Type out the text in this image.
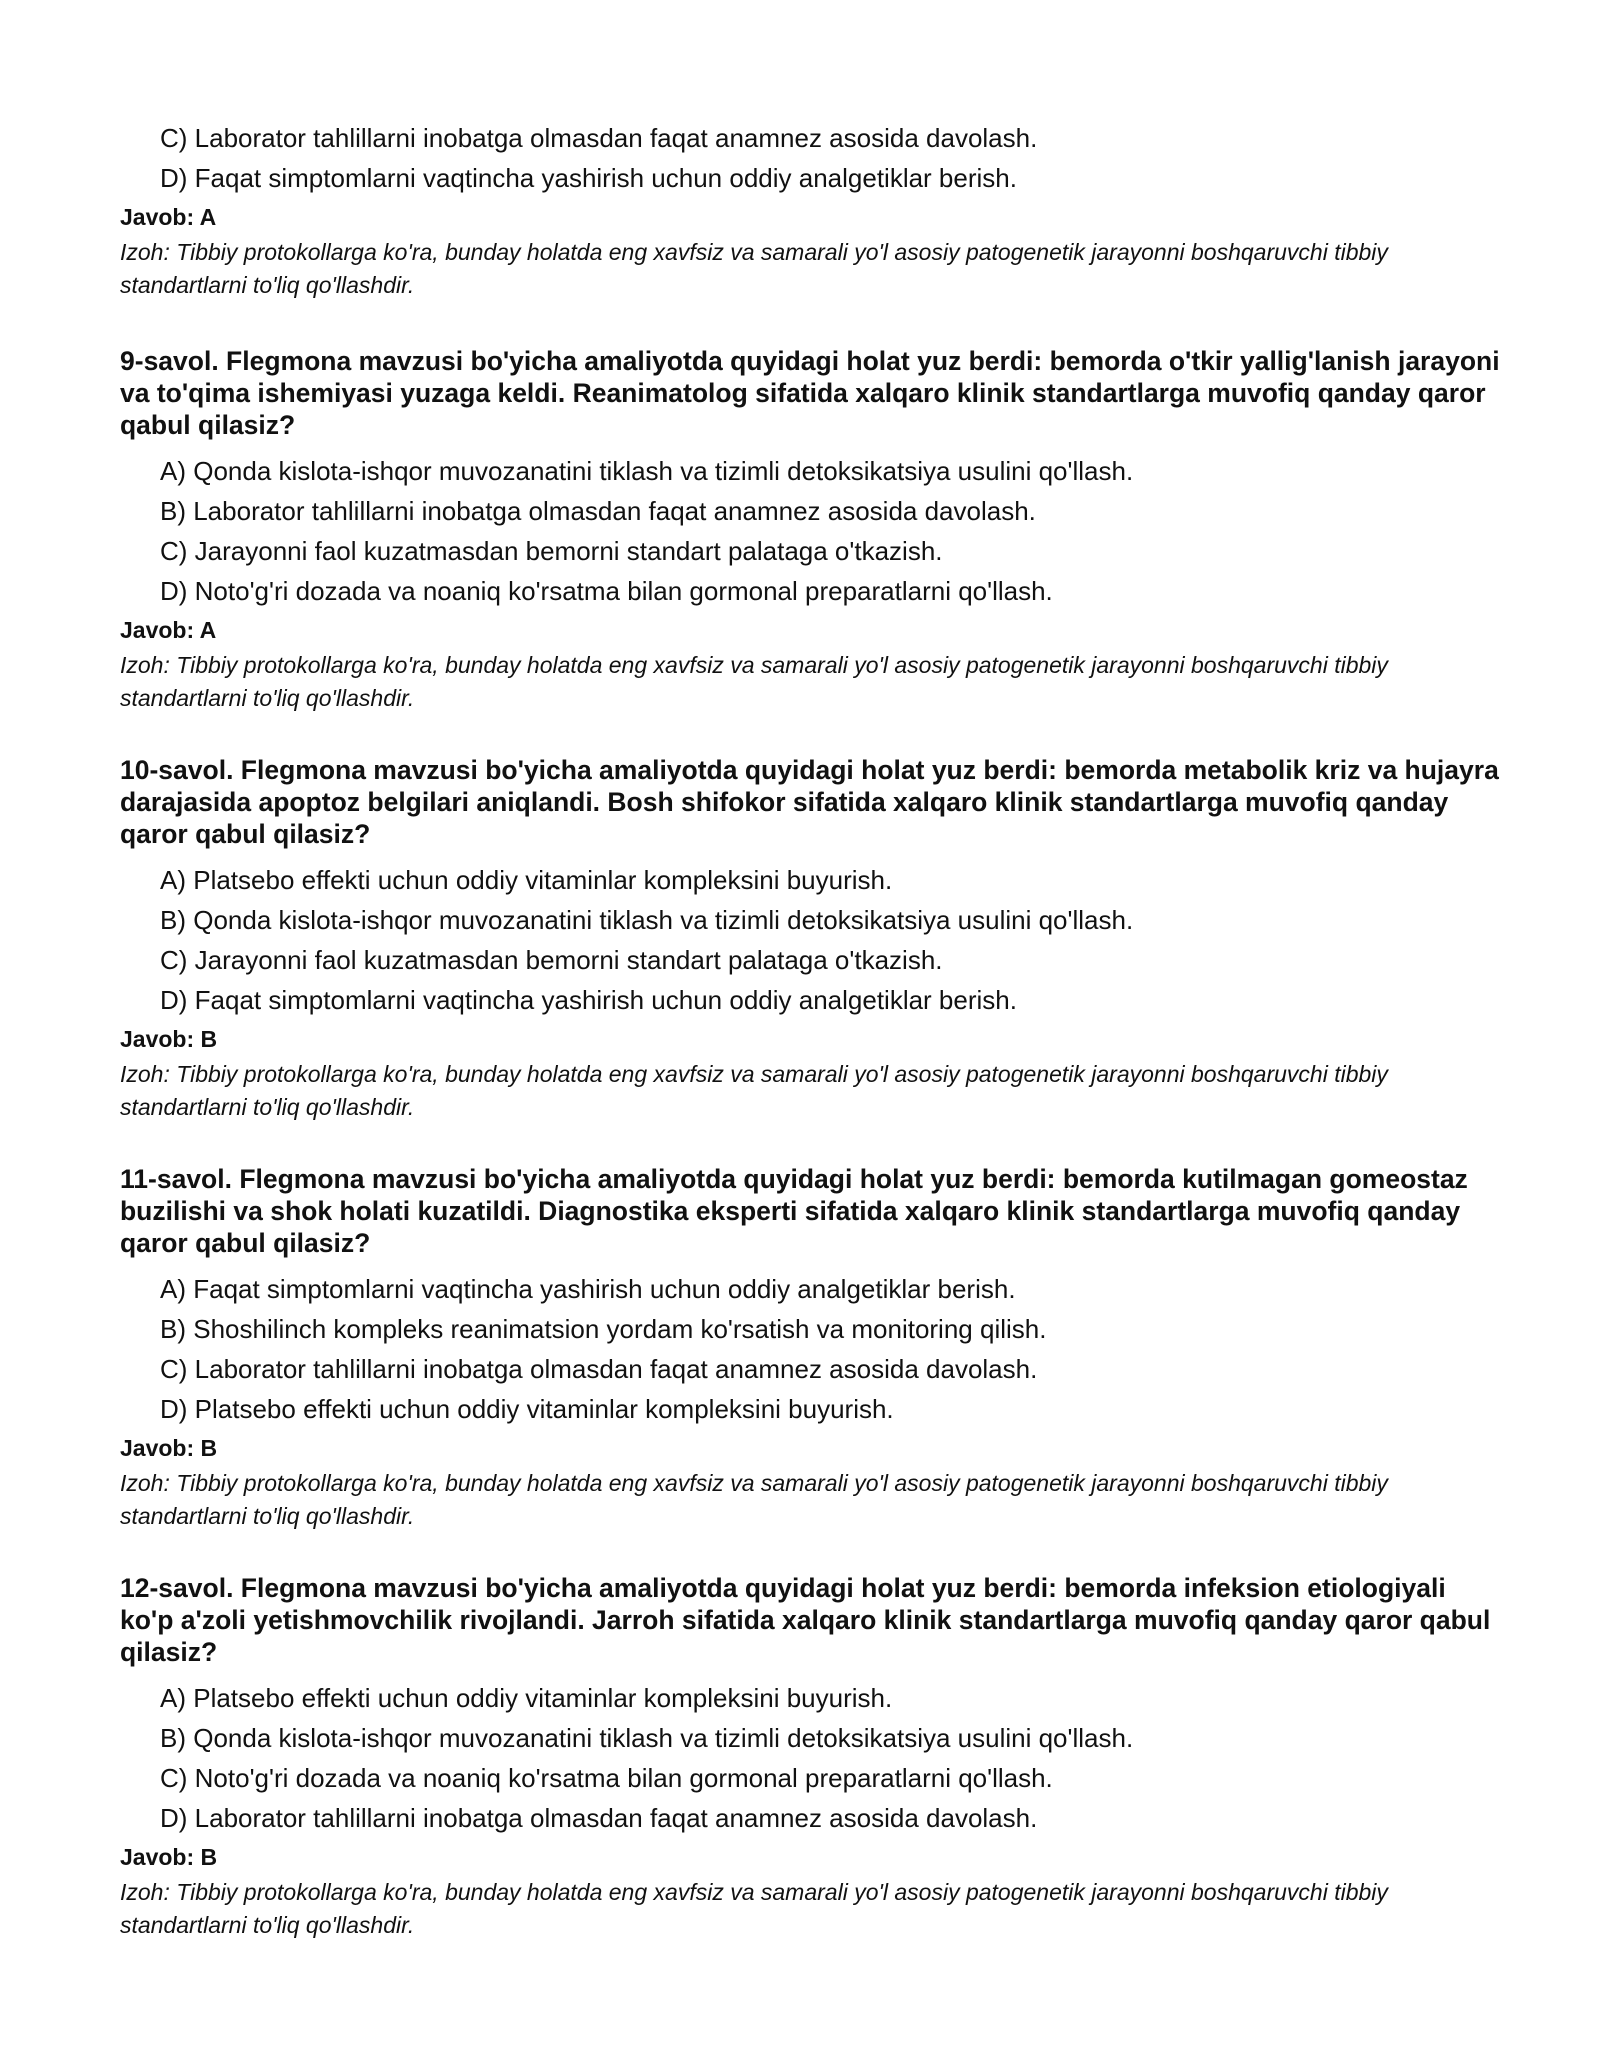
C) Laborator tahlillarni inobatga olmasdan faqat anamnez asosida davolash.
D) Faqat simptomlarni vaqtincha yashirish uchun oddiy analgetiklar berish.
Javob: A
Izoh: Tibbiy protokollarga ko'ra, bunday holatda eng xavfsiz va samarali yo'l asosiy patogenetik jarayonni boshqaruvchi tibbiy standartlarni to'liq qo'llashdir.
9-savol. Flegmona mavzusi bo'yicha amaliyotda quyidagi holat yuz berdi: bemorda o'tkir yallig'lanish jarayoni va to'qima ishemiyasi yuzaga keldi. Reanimatolog sifatida xalqaro klinik standartlarga muvofiq qanday qaror qabul qilasiz?
A) Qonda kislota-ishqor muvozanatini tiklash va tizimli detoksikatsiya usulini qo'llash.
B) Laborator tahlillarni inobatga olmasdan faqat anamnez asosida davolash.
C) Jarayonni faol kuzatmasdan bemorni standart palataga o'tkazish.
D) Noto'g'ri dozada va noaniq ko'rsatma bilan gormonal preparatlarni qo'llash.
Javob: A
Izoh: Tibbiy protokollarga ko'ra, bunday holatda eng xavfsiz va samarali yo'l asosiy patogenetik jarayonni boshqaruvchi tibbiy standartlarni to'liq qo'llashdir.
10-savol. Flegmona mavzusi bo'yicha amaliyotda quyidagi holat yuz berdi: bemorda metabolik kriz va hujayra darajasida apoptoz belgilari aniqlandi. Bosh shifokor sifatida xalqaro klinik standartlarga muvofiq qanday qaror qabul qilasiz?
A) Platsebo effekti uchun oddiy vitaminlar kompleksini buyurish.
B) Qonda kislota-ishqor muvozanatini tiklash va tizimli detoksikatsiya usulini qo'llash.
C) Jarayonni faol kuzatmasdan bemorni standart palataga o'tkazish.
D) Faqat simptomlarni vaqtincha yashirish uchun oddiy analgetiklar berish.
Javob: B
Izoh: Tibbiy protokollarga ko'ra, bunday holatda eng xavfsiz va samarali yo'l asosiy patogenetik jarayonni boshqaruvchi tibbiy standartlarni to'liq qo'llashdir.
11-savol. Flegmona mavzusi bo'yicha amaliyotda quyidagi holat yuz berdi: bemorda kutilmagan gomeostaz buzilishi va shok holati kuzatildi. Diagnostika eksperti sifatida xalqaro klinik standartlarga muvofiq qanday qaror qabul qilasiz?
A) Faqat simptomlarni vaqtincha yashirish uchun oddiy analgetiklar berish.
B) Shoshilinch kompleks reanimatsion yordam ko'rsatish va monitoring qilish.
C) Laborator tahlillarni inobatga olmasdan faqat anamnez asosida davolash.
D) Platsebo effekti uchun oddiy vitaminlar kompleksini buyurish.
Javob: B
Izoh: Tibbiy protokollarga ko'ra, bunday holatda eng xavfsiz va samarali yo'l asosiy patogenetik jarayonni boshqaruvchi tibbiy standartlarni to'liq qo'llashdir.
12-savol. Flegmona mavzusi bo'yicha amaliyotda quyidagi holat yuz berdi: bemorda infeksion etiologiyali ko'p a'zoli yetishmovchilik rivojlandi. Jarroh sifatida xalqaro klinik standartlarga muvofiq qanday qaror qabul qilasiz?
A) Platsebo effekti uchun oddiy vitaminlar kompleksini buyurish.
B) Qonda kislota-ishqor muvozanatini tiklash va tizimli detoksikatsiya usulini qo'llash.
C) Noto'g'ri dozada va noaniq ko'rsatma bilan gormonal preparatlarni qo'llash.
D) Laborator tahlillarni inobatga olmasdan faqat anamnez asosida davolash.
Javob: B
Izoh: Tibbiy protokollarga ko'ra, bunday holatda eng xavfsiz va samarali yo'l asosiy patogenetik jarayonni boshqaruvchi tibbiy standartlarni to'liq qo'llashdir.
